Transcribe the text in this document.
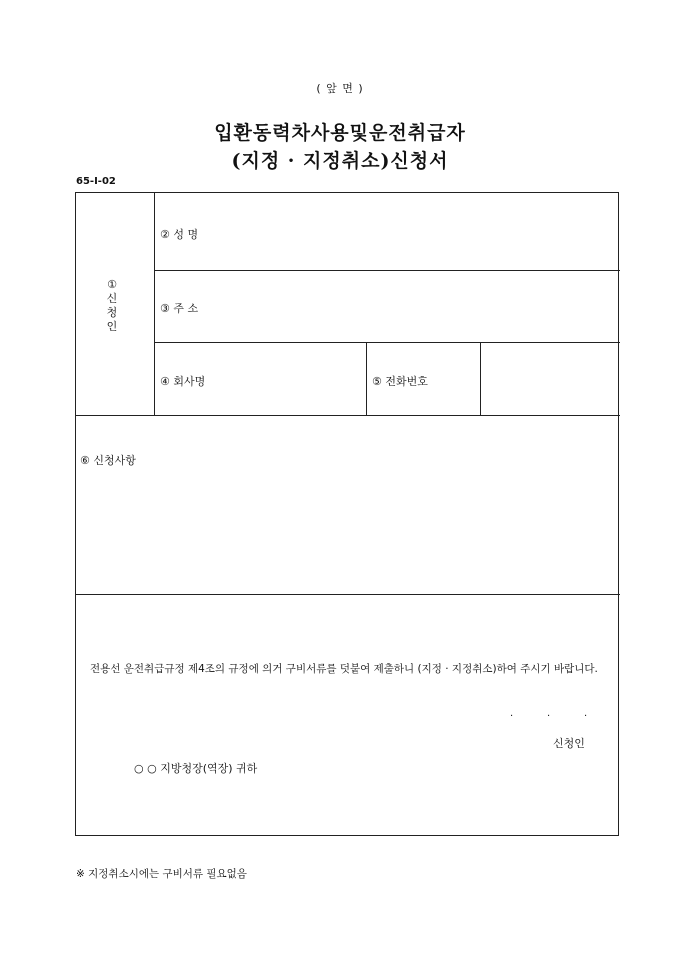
( 앞 면 )
입환동력차사용및운전취급자
(지정 · 지정취소)신청서
65-I-02
①
신
청
인
② 성 명
③ 주 소
④ 회사명	⑤ 전화번호
⑥ 신청사항
전용선 운전취급규정 제4조의 규정에 의거 구비서류를 덧붙여 제출하니 (지정 · 지정취소)하여 주시기 바랍니다.
·	·	·
신청인
○ ○ 지방청장(역장) 귀하
※ 지정취소시에는 구비서류 필요없음
